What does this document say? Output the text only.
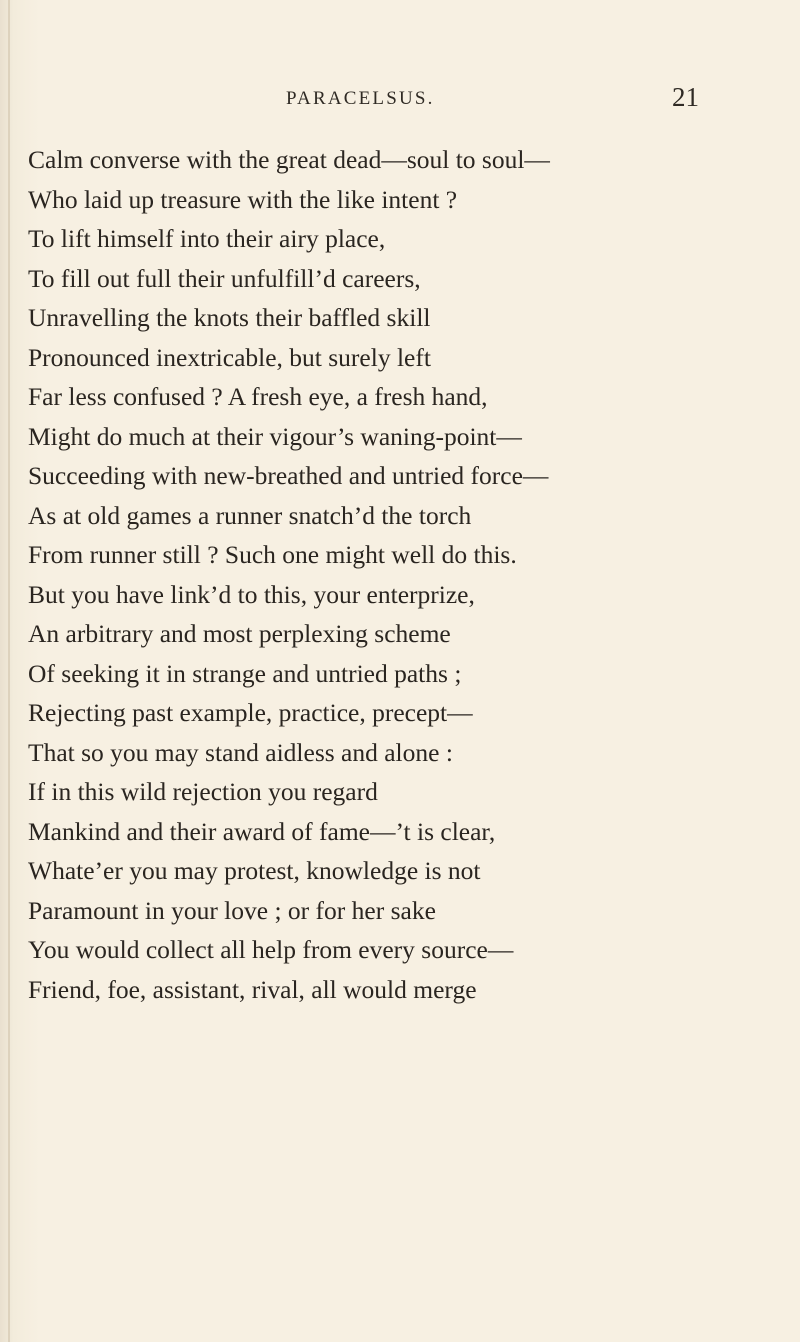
PARACELSUS.	21
Calm converse with the great dead—soul to soul—
Who laid up treasure with the like intent ?
To lift himself into their airy place,
To fill out full their unfulfill’d careers,
Unravelling the knots their baffled skill
Pronounced inextricable, but surely left
Far less confused ? A fresh eye, a fresh hand,
Might do much at their vigour’s waning-point—
Succeeding with new-breathed and untried force—
As at old games a runner snatch’d the torch
From runner still ? Such one might well do this.
But you have link’d to this, your enterprize,
An arbitrary and most perplexing scheme
Of seeking it in strange and untried paths ;
Rejecting past example, practice, precept—
That so you may stand aidless and alone :
If in this wild rejection you regard
Mankind and their award of fame—’t is clear,
Whate’er you may protest, knowledge is not
Paramount in your love ; or for her sake
You would collect all help from every source—
Friend, foe, assistant, rival, all would merge
